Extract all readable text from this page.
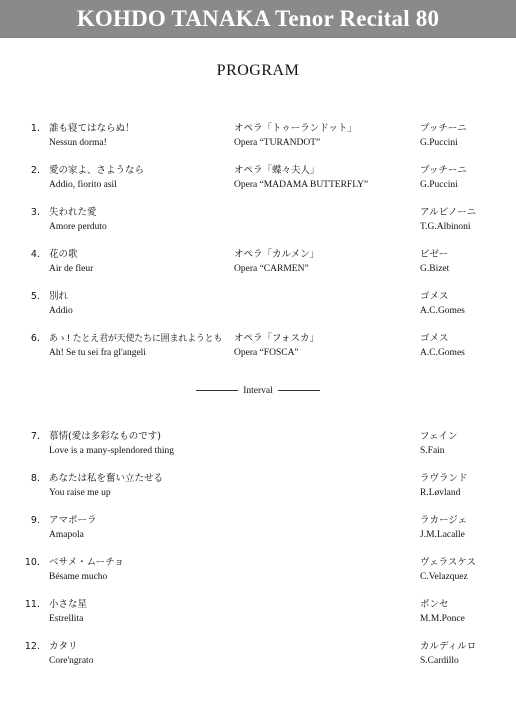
KOHDO TANAKA Tenor Recital 80
PROGRAM
1. 誰も寝てはならぬ！
Nessun dorma!
オペラ「トゥーランドット」
Opera “TURANDOT”
プッチーニ
G.Puccini
2. 愛の家よ、さようなら
Addio, fiorito asil
オペラ「蝶々夫人」
Opera “MADAMA BUTTERFLY”
プッチーニ
G.Puccini
3. 失われた愛
Amore perduto
アルビノーニ
T.G.Albinoni
4. 花の歌
Air de fleur
オペラ「カルメン」
Opera “CARMEN”
ビゼー
G.Bizet
5. 別れ
Addio
ゴメス
A.C.Gomes
6. あゝ! たとえ君が天使たちに囲まれようとも
Ah! Se tu sei fra gl'angeli
オペラ「フォスカ」
Opera “FOSCA”
ゴメス
A.C.Gomes
Interval
7. 慕情(愛は多彩なものです)
Love is a many-splendored thing
フェイン
S.Fain
8. あなたは私を奮い立たせる
You raise me up
ラヴランド
R.Løvland
9. アマポーラ
Amapola
ラカージェ
J.M.Lacalle
10. ベサメ・ムーチョ
Bésame mucho
ヴェラスケス
C.Velazquez
11. 小さな星
Estrellita
ポンセ
M.M.Ponce
12. カタリ
Core'ngrato
カルディルロ
S.Cardillo
